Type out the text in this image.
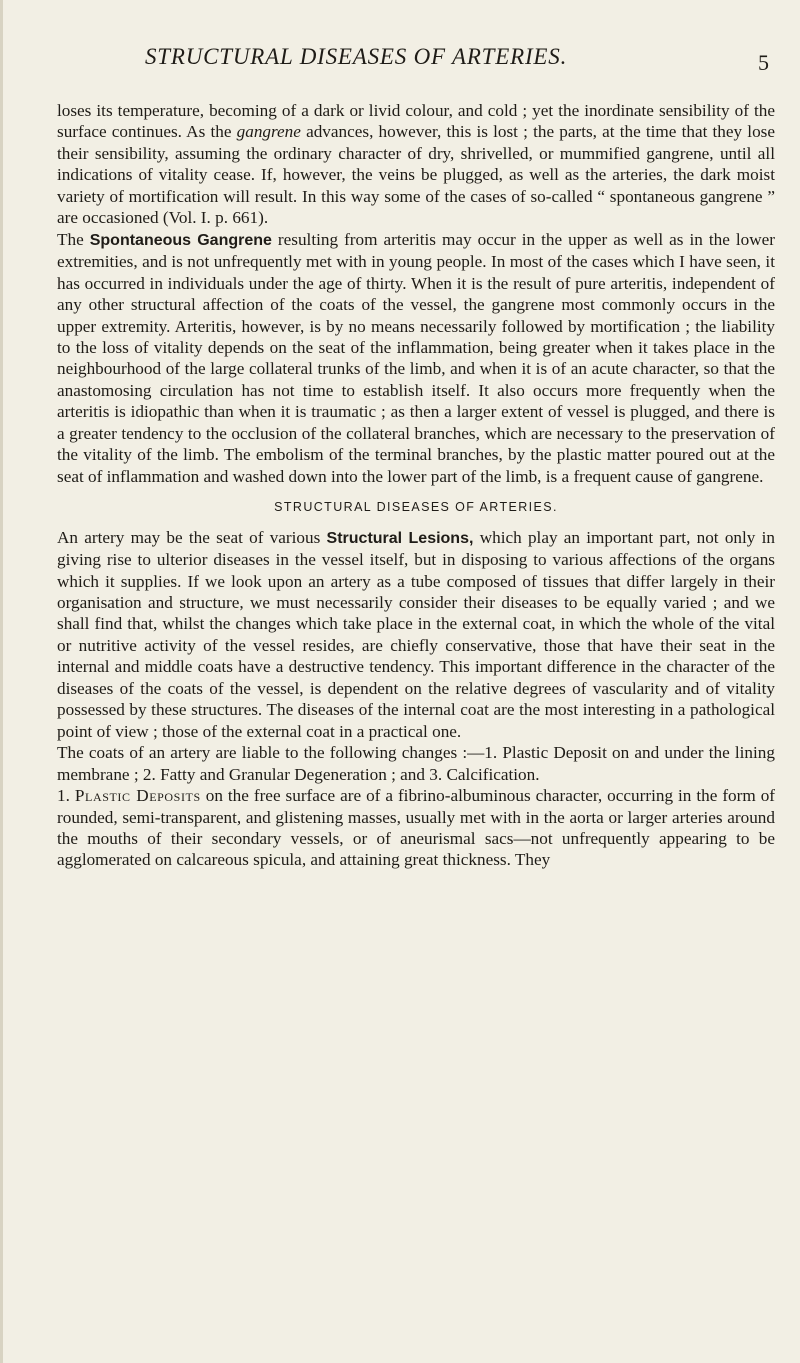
STRUCTURAL DISEASES OF ARTERIES.	5

loses its temperature, becoming of a dark or livid colour, and cold ; yet the inordinate sensibility of the surface continues. As the gangrene advances, however, this is lost ; the parts, at the time that they lose their sensibility, assuming the ordinary character of dry, shrivelled, or mummified gangrene, until all indications of vitality cease. If, however, the veins be plugged, as well as the arteries, the dark moist variety of mortification will result. In this way some of the cases of so-called “ spontaneous gangrene ” are occasioned (Vol. I. p. 661).

The Spontaneous Gangrene resulting from arteritis may occur in the upper as well as in the lower extremities, and is not unfrequently met with in young people. In most of the cases which I have seen, it has occurred in individuals under the age of thirty. When it is the result of pure arteritis, independent of any other structural affection of the coats of the vessel, the gangrene most commonly occurs in the upper extremity. Arteritis, however, is by no means necessarily followed by mortification ; the liability to the loss of vitality depends on the seat of the inflammation, being greater when it takes place in the neighbourhood of the large collateral trunks of the limb, and when it is of an acute character, so that the anastomosing circulation has not time to establish itself. It also occurs more frequently when the arteritis is idiopathic than when it is traumatic ; as then a larger extent of vessel is plugged, and there is a greater tendency to the occlusion of the collateral branches, which are necessary to the preservation of the vitality of the limb. The embolism of the terminal branches, by the plastic matter poured out at the seat of inflammation and washed down into the lower part of the limb, is a frequent cause of gangrene.

STRUCTURAL DISEASES OF ARTERIES.

An artery may be the seat of various Structural Lesions, which play an important part, not only in giving rise to ulterior diseases in the vessel itself, but in disposing to various affections of the organs which it supplies. If we look upon an artery as a tube composed of tissues that differ largely in their organisation and structure, we must necessarily consider their diseases to be equally varied ; and we shall find that, whilst the changes which take place in the external coat, in which the whole of the vital or nutritive activity of the vessel resides, are chiefly conservative, those that have their seat in the internal and middle coats have a destructive tendency. This important difference in the character of the diseases of the coats of the vessel, is dependent on the relative degrees of vascularity and of vitality possessed by these structures. The diseases of the internal coat are the most interesting in a pathological point of view ; those of the external coat in a practical one.

The coats of an artery are liable to the following changes :—1. Plastic Deposit on and under the lining membrane ; 2. Fatty and Granular Degeneration ; and 3. Calcification.

1. Plastic Deposits on the free surface are of a fibrino-albuminous character, occurring in the form of rounded, semi-transparent, and glistening masses, usually met with in the aorta or larger arteries around the mouths of their secondary vessels, or of aneurismal sacs—not unfrequently appearing to be agglomerated on calcareous spicula, and attaining great thickness. They
